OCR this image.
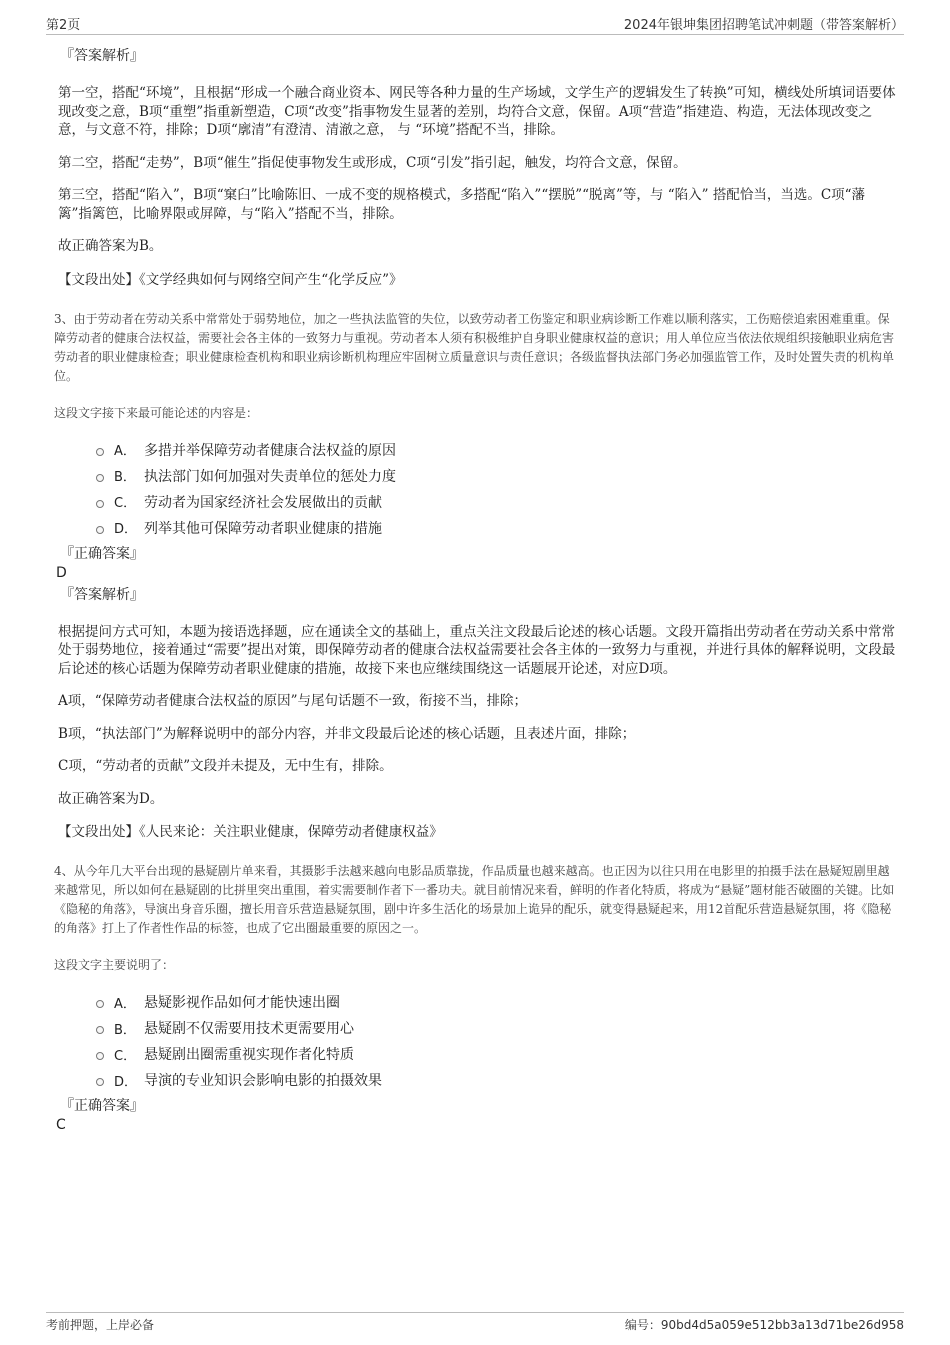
第2页	2024年银坤集团招聘笔试冲刺题（带答案解析）
『答案解析』
第一空，搭配“环境”，且根据“形成一个融合商业资本、网民等各种力量的生产场域，文学生产的逻辑发生了转换”可知，横线处所填词语要体现改变之意，B项“重塑”指重新塑造，C项“改变”指事物发生显著的差别，均符合文意，保留。A项“营造”指建造、构造，无法体现改变之意，与文意不符，排除；D项“廓清”有澄清、清澈之意， 与 “环境”搭配不当，排除。
第二空，搭配“走势”，B项“催生”指促使事物发生或形成，C项“引发”指引起，触发，均符合文意，保留。
第三空，搭配“陷入”，B项“窠臼”比喻陈旧、一成不变的规格模式，多搭配“陷入”“摆脱”“脱离”等，与 “陷入” 搭配恰当，当选。C项“藩篱”指篱笆，比喻界限或屏障，与“陷入”搭配不当，排除。
故正确答案为B。
【文段出处】《文学经典如何与网络空间产生“化学反应”》
3、由于劳动者在劳动关系中常常处于弱势地位，加之一些执法监管的失位，以致劳动者工伤鉴定和职业病诊断工作难以顺利落实，工伤赔偿追索困难重重。保障劳动者的健康合法权益，需要社会各主体的一致努力与重视。劳动者本人须有积极维护自身职业健康权益的意识；用人单位应当依法依规组织接触职业病危害劳动者的职业健康检查；职业健康检查机构和职业病诊断机构理应牢固树立质量意识与责任意识；各级监督执法部门务必加强监管工作，及时处置失责的机构单位。
这段文字接下来最可能论述的内容是：
A． 多措并举保障劳动者健康合法权益的原因
B． 执法部门如何加强对失责单位的惩处力度
C． 劳动者为国家经济社会发展做出的贡献
D． 列举其他可保障劳动者职业健康的措施
『正确答案』
D
『答案解析』
根据提问方式可知，本题为接语选择题，应在通读全文的基础上，重点关注文段最后论述的核心话题。文段开篇指出劳动者在劳动关系中常常处于弱势地位，接着通过“需要”提出对策，即保障劳动者的健康合法权益需要社会各主体的一致努力与重视，并进行具体的解释说明，文段最后论述的核心话题为保障劳动者职业健康的措施，故接下来也应继续围绕这一话题展开论述，对应D项。
A项，“保障劳动者健康合法权益的原因”与尾句话题不一致，衔接不当，排除；
B项，“执法部门”为解释说明中的部分内容，并非文段最后论述的核心话题，且表述片面，排除；
C项，“劳动者的贡献”文段并未提及，无中生有，排除。
故正确答案为D。
【文段出处】《人民来论：关注职业健康，保障劳动者健康权益》
4、从今年几大平台出现的悬疑剧片单来看，其摄影手法越来越向电影品质靠拢，作品质量也越来越高。也正因为以往只用在电影里的拍摄手法在悬疑短剧里越来越常见，所以如何在悬疑剧的比拼里突出重围，着实需要制作者下一番功夫。就目前情况来看，鲜明的作者化特质，将成为“悬疑”题材能否破圈的关键。比如《隐秘的角落》，导演出身音乐圈，擅长用音乐营造悬疑氛围，剧中许多生活化的场景加上诡异的配乐，就变得悬疑起来，用12首配乐营造悬疑氛围，将《隐秘的角落》打上了作者性作品的标签，也成了它出圈最重要的原因之一。
这段文字主要说明了：
A． 悬疑影视作品如何才能快速出圈
B． 悬疑剧不仅需要用技术更需要用心
C． 悬疑剧出圈需重视实现作者化特质
D． 导演的专业知识会影响电影的拍摄效果
『正确答案』
C
考前押题，上岸必备	编号：90bd4d5a059e512bb3a13d71be26d958
